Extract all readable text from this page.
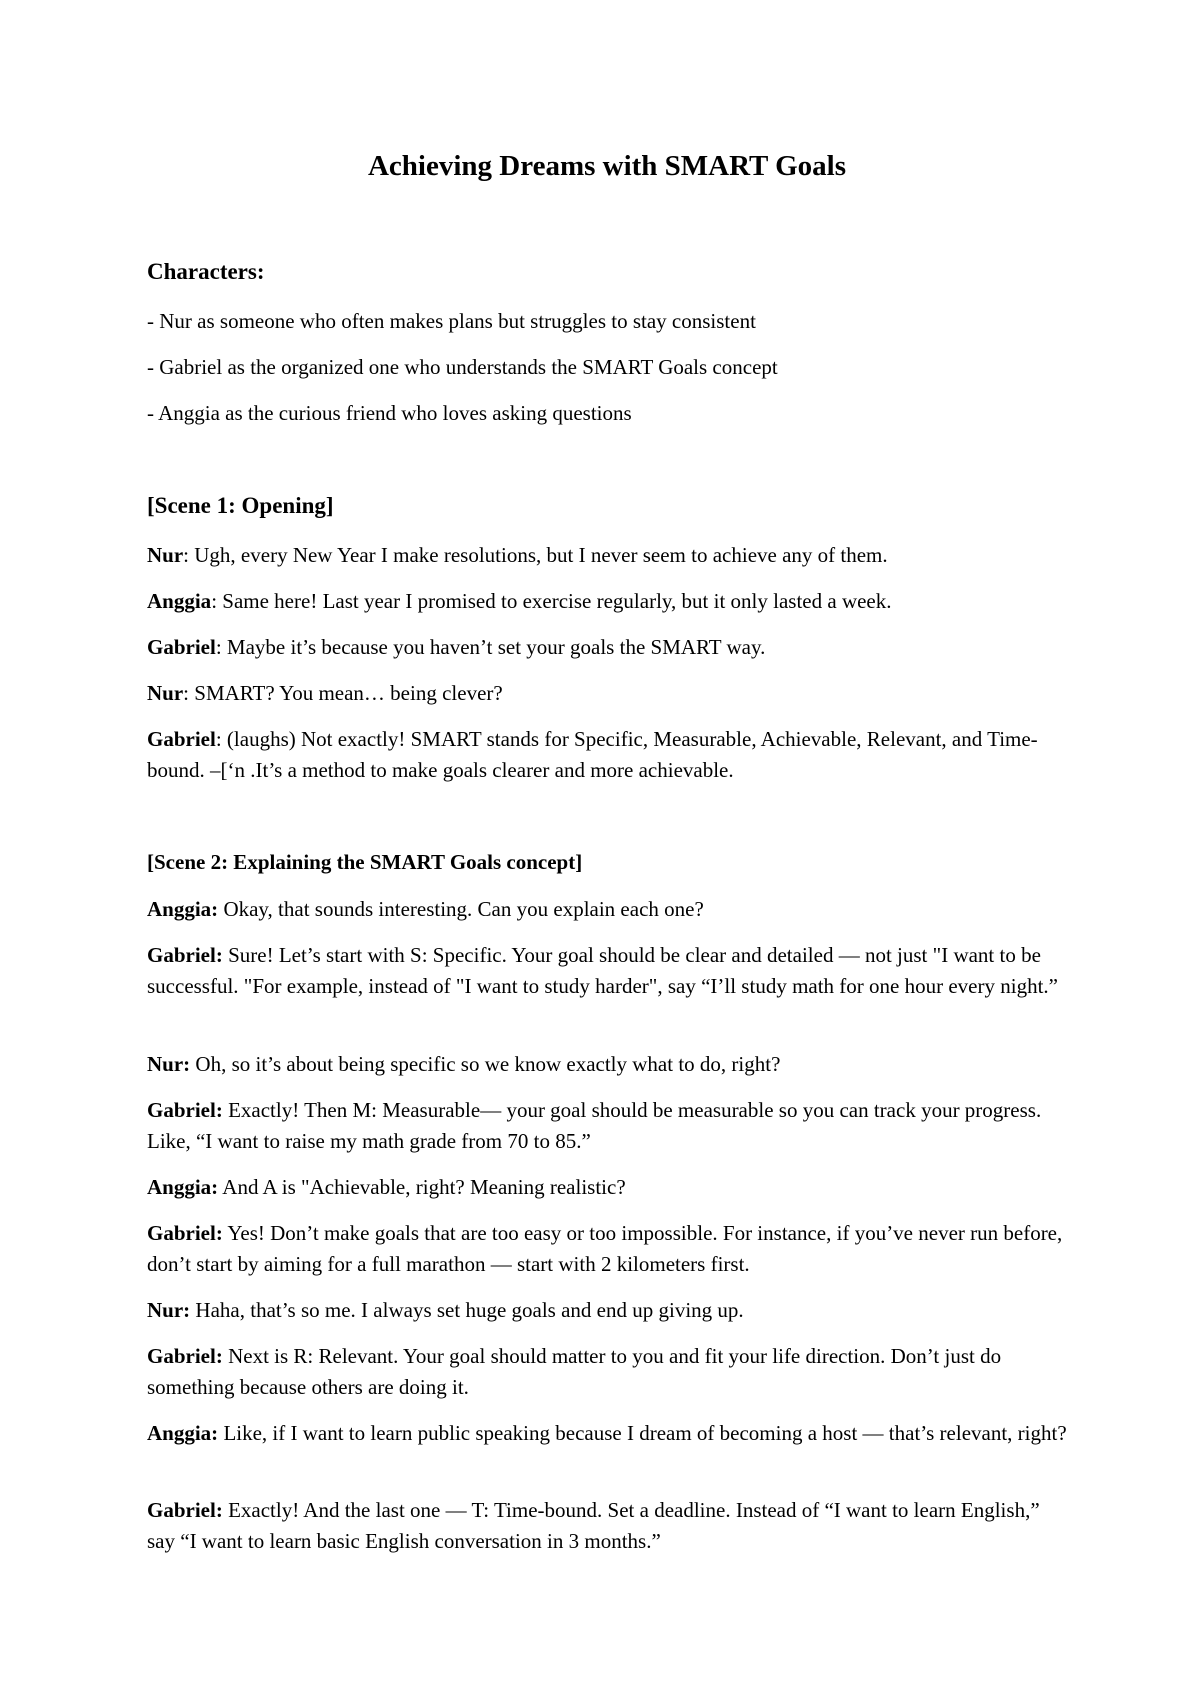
Achieving Dreams with SMART Goals
Characters:

- Nur as someone who often makes plans but struggles to stay consistent

- Gabriel as the organized one who understands the SMART Goals concept

- Anggia as the curious friend who loves asking questions

[Scene 1: Opening]

Nur: Ugh, every New Year I make resolutions, but I never seem to achieve any of them.

Anggia: Same here! Last year I promised to exercise regularly, but it only lasted a week.

Gabriel: Maybe it’s because you haven’t set your goals the SMART way.

Nur: SMART? You mean… being clever?

Gabriel: (laughs) Not exactly! SMART stands for Specific, Measurable, Achievable, Relevant, and Time-bound. –[‘n .It’s a method to make goals clearer and more achievable.

[Scene 2: Explaining the SMART Goals concept]

Anggia: Okay, that sounds interesting. Can you explain each one?

Gabriel: Sure! Let’s start with S: Specific. Your goal should be clear and detailed — not just "I want to be successful. "For example, instead of "I want to study harder", say “I’ll study math for one hour every night.”

Nur: Oh, so it’s about being specific so we know exactly what to do, right?

Gabriel: Exactly! Then M: Measurable— your goal should be measurable so you can track your progress. Like, “I want to raise my math grade from 70 to 85.”

Anggia: And A is "Achievable, right? Meaning realistic?

Gabriel: Yes! Don’t make goals that are too easy or too impossible. For instance, if you’ve never run before, don’t start by aiming for a full marathon — start with 2 kilometers first.

Nur: Haha, that’s so me. I always set huge goals and end up giving up.

Gabriel: Next is R: Relevant. Your goal should matter to you and fit your life direction. Don’t just do something because others are doing it.

Anggia: Like, if I want to learn public speaking because I dream of becoming a host — that’s relevant, right?

Gabriel: Exactly! And the last one — T: Time-bound. Set a deadline. Instead of “I want to learn English,” say “I want to learn basic English conversation in 3 months.”
